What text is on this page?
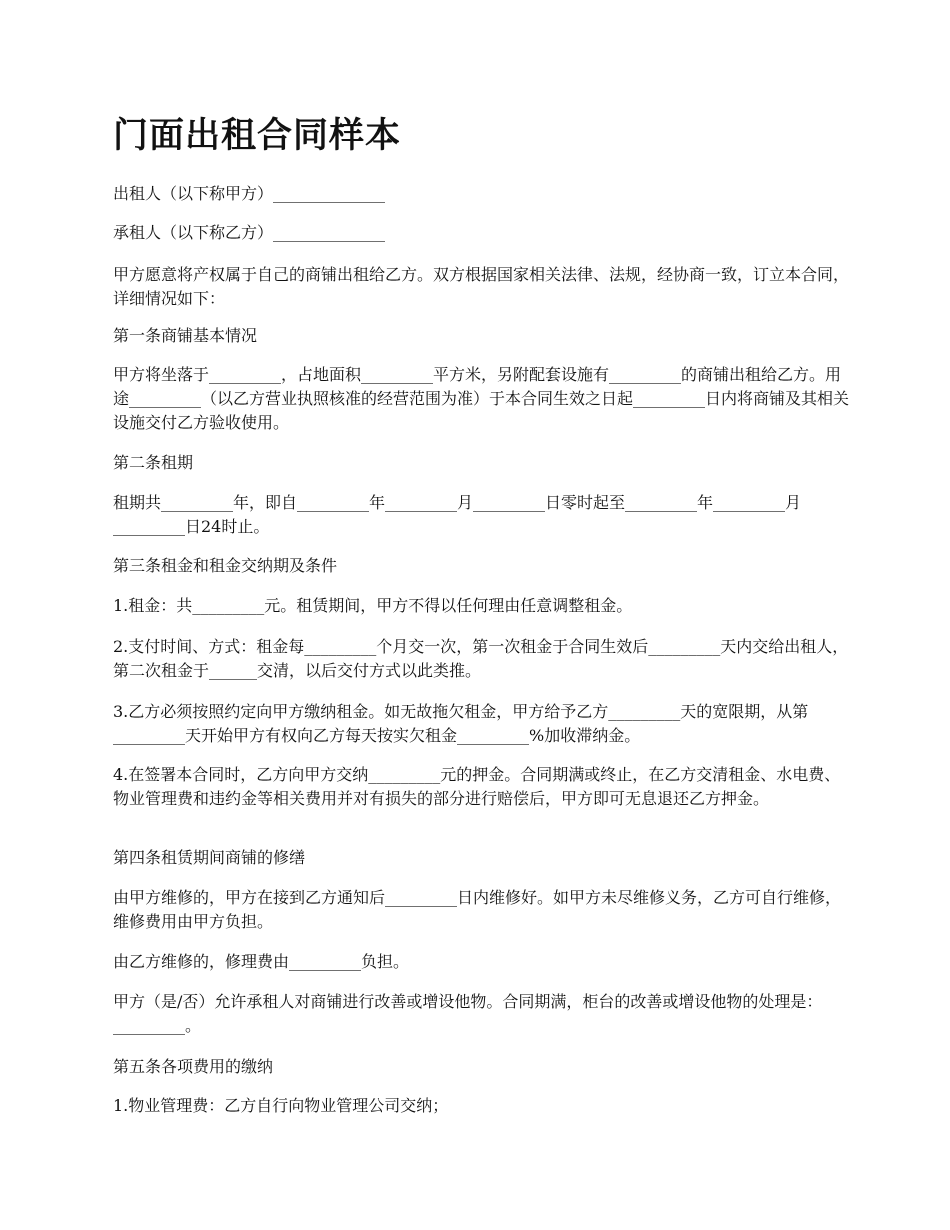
门面出租合同样本

出租人（以下称甲方）______________

承租人（以下称乙方）______________

甲方愿意将产权属于自己的商铺出租给乙方。双方根据国家相关法律、法规，经协商一致，订立本合同，详细情况如下：

第一条商铺基本情况

甲方将坐落于_________，占地面积_________平方米，另附配套设施有_________的商铺出租给乙方。用途_________（以乙方营业执照核准的经营范围为准）于本合同生效之日起_________日内将商铺及其相关设施交付乙方验收使用。

第二条租期

租期共_________年，即自_________年_________月_________日零时起至_________年_________月_________日24时止。

第三条租金和租金交纳期及条件

1.租金：共_________元。租赁期间，甲方不得以任何理由任意调整租金。

2.支付时间、方式：租金每_________个月交一次，第一次租金于合同生效后_________天内交给出租人，第二次租金于______交清，以后交付方式以此类推。

3.乙方必须按照约定向甲方缴纳租金。如无故拖欠租金，甲方给予乙方_________天的宽限期，从第_________天开始甲方有权向乙方每天按实欠租金_________%加收滞纳金。

4.在签署本合同时，乙方向甲方交纳_________元的押金。合同期满或终止，在乙方交清租金、水电费、物业管理费和违约金等相关费用并对有损失的部分进行赔偿后，甲方即可无息退还乙方押金。

第四条租赁期间商铺的修缮

由甲方维修的，甲方在接到乙方通知后_________日内维修好。如甲方未尽维修义务，乙方可自行维修，维修费用由甲方负担。

由乙方维修的，修理费由_________负担。

甲方（是/否）允许承租人对商铺进行改善或增设他物。合同期满，柜台的改善或增设他物的处理是：_________。

第五条各项费用的缴纳

1.物业管理费：乙方自行向物业管理公司交纳；
